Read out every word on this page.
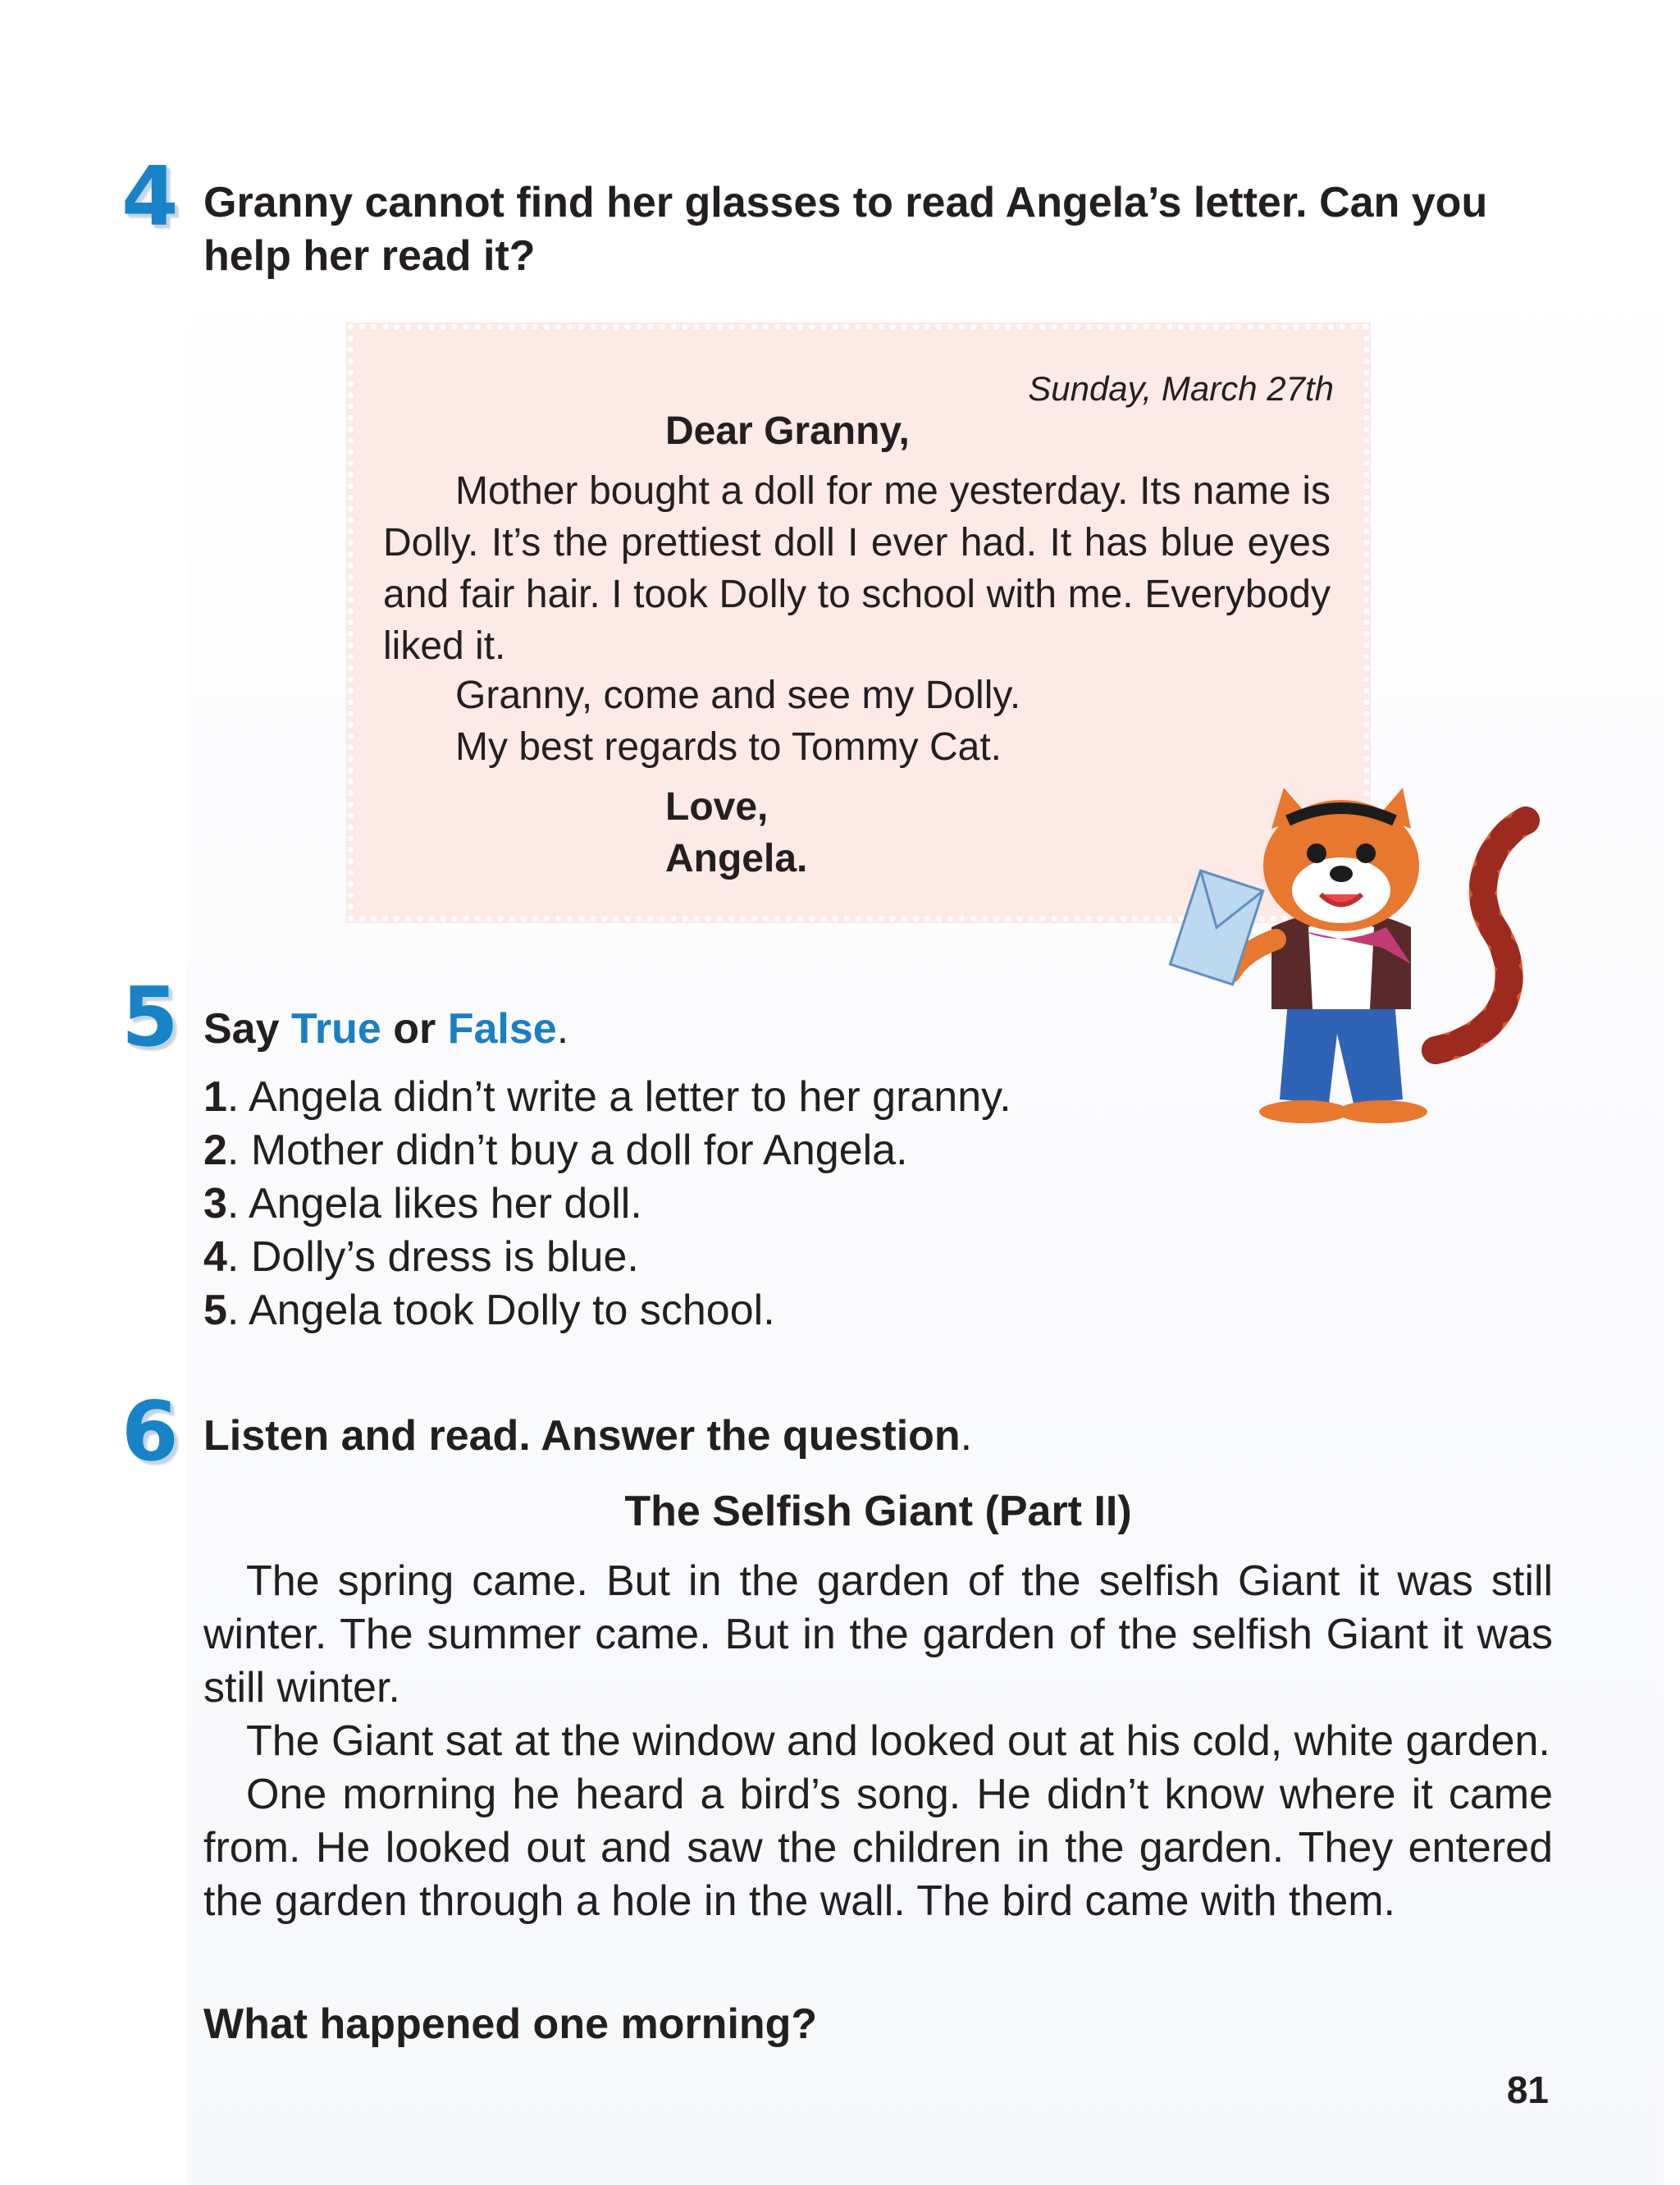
4 Granny cannot find her glasses to read Angela’s letter. Can you
help her read it?
Sunday, March 27th
Dear Granny,

Mother bought a doll for me yesterday. Its name is Dolly. It’s the prettiest doll I ever had. It has blue eyes and fair hair. I took Dolly to school with me. Everybody liked it.

Granny, come and see my Dolly.
My best regards to Tommy Cat.
Love,
Angela.
5 Say True or False.
1. Angela didn’t write a letter to her granny.
2. Mother didn’t buy a doll for Angela.
3. Angela likes her doll.
4. Dolly’s dress is blue.
5. Angela took Dolly to school.
6 Listen and read. Answer the question.
The Selfish Giant (Part II)

The spring came. But in the garden of the selfish Giant it was still winter. The summer came. But in the garden of the selfish Giant it was still winter.

The Giant sat at the window and looked out at his cold, white garden.

One morning he heard a bird’s song. He didn’t know where it came from. He looked out and saw the children in the garden. They entered the garden through a hole in the wall. The bird came with them.

What happened one morning?
81
